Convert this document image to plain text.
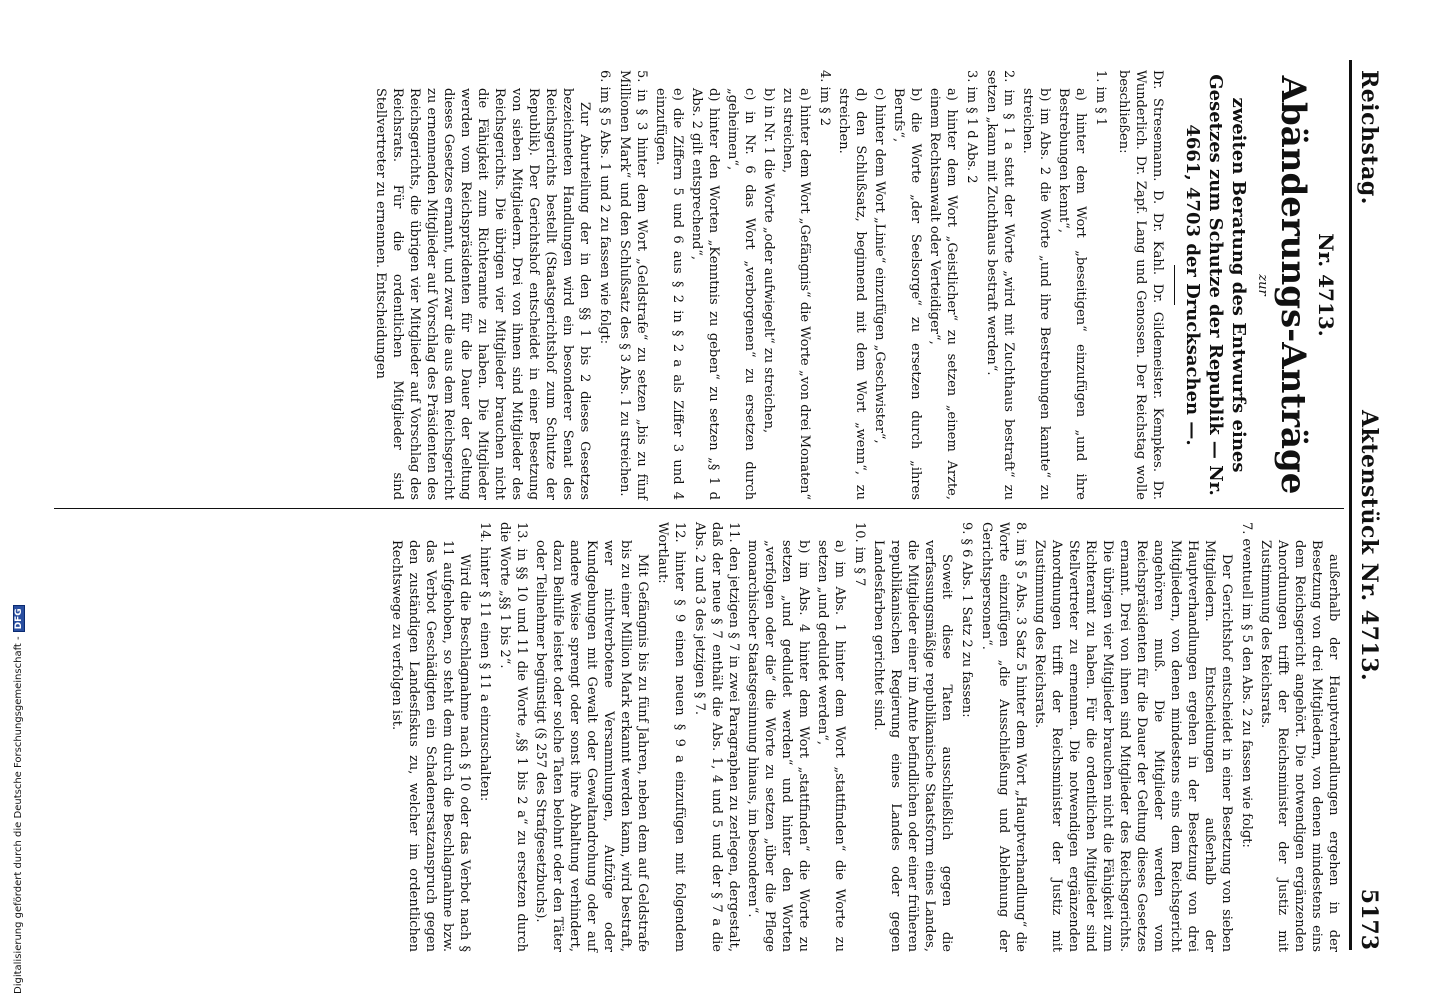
Reichstag.
Aktenstück Nr. 4713.
5173
Nr. 4713.
Abänderungs-Anträge
zur
zweiten Beratung des Entwurfs eines Gesetzes zum Schutze der Republik — Nr. 4661, 4703 der Drucksachen —.

Dr. Stresemann. D. Dr. Kahl. Dr. Gildemeister. Kempkes. Dr. Wunderlich. Dr. Zapf. Lang und Genossen. Der Reichstag wolle beschließen:

1. im § 1

a) hinter dem Wort „beseitigen“ einzufügen „und ihre Bestrebungen kennt“,

b) im Abs. 2 die Worte „und ihre Bestrebungen kannte“ zu streichen.

2. im § 1 a statt der Worte „wird mit Zuchthaus bestraft“ zu setzen „kann mit Zuchthaus bestraft werden“.

3. im § 1 d Abs. 2

a) hinter dem Wort „Geistlicher“ zu setzen „einem Arzte, einem Rechtsanwalt oder Verteidiger“,

b) die Worte „der Seelsorge“ zu ersetzen durch „ihres Berufs“,

c) hinter dem Wort „Linie“ einzufügen „Geschwister“,

d) den Schlußsatz, beginnend mit dem Wort „wenn“, zu streichen.

4. im § 2

a) hinter dem Wort „Gefängnis“ die Worte „von drei Monaten“ zu streichen,

b) in Nr. 1 die Worte „oder aufwiegelt“ zu streichen,

c) in Nr. 6 das Wort „verborgenen“ zu ersetzen durch „geheimen“,

d) hinter den Worten „Kenntnis zu geben“ zu setzen „§ 1 d Abs. 2 gilt entsprechend“,

e) die Ziffern 5 und 6 aus § 2 in § 2 a als Ziffer 3 und 4 einzufügen.

5. in § 3 hinter dem Wort „Geldstrafe“ zu setzen „bis zu fünf Millionen Mark“ und den Schlußsatz des § 3 Abs. 1 zu streichen.

6. im § 5 Abs. 1 und 2 zu fassen wie folgt:

Zur Aburteilung der in den §§ 1 bis 2 dieses Gesetzes bezeichneten Handlungen wird ein besonderer Senat des Reichsgerichts bestellt (Staatsgerichtshof zum Schutze der Republik). Der Gerichtshof entscheidet in einer Besetzung von sieben Mitgliedern. Drei von ihnen sind Mitglieder des Reichsgerichts. Die übrigen vier Mitglieder brauchen nicht die Fähigkeit zum Richteramte zu haben. Die Mitglieder werden vom Reichspräsidenten für die Dauer der Geltung dieses Gesetzes ernannt, und zwar die aus dem Reichsgericht zu ernennenden Mitglieder auf Vorschlag des Präsidenten des Reichsgerichts, die übrigen vier Mitglieder auf Vorschlag des Reichsrats. Für die ordentlichen Mitglieder sind Stellvertreter zu ernennen. Entscheidungen

außerhalb der Hauptverhandlungen ergehen in der Besetzung von drei Mitgliedern, von denen mindestens eins dem Reichsgericht angehört. Die notwendigen ergänzenden Anordnungen trifft der Reichsminister der Justiz mit Zustimmung des Reichsrats.

7. eventuell im § 5 den Abs. 2 zu fassen wie folgt:

Der Gerichtshof entscheidet in einer Besetzung von sieben Mitgliedern. Entscheidungen außerhalb der Hauptverhandlungen ergehen in der Besetzung von drei Mitgliedern, von denen mindestens eins dem Reichsgericht angehören muß. Die Mitglieder werden vom Reichspräsidenten für die Dauer der Geltung dieses Gesetzes ernannt. Drei von ihnen sind Mitglieder des Reichsgerichts. Die übrigen vier Mitglieder brauchen nicht die Fähigkeit zum Richteramt zu haben. Für die ordentlichen Mitglieder sind Stellvertreter zu ernennen. Die notwendigen ergänzenden Anordnungen trifft der Reichsminister der Justiz mit Zustimmung des Reichsrats.

8. im § 5 Abs. 3 Satz 5 hinter dem Wort „Hauptverhandlung“ die Worte einzufügen „die Ausschließung und Ablehnung der Gerichtspersonen“.

9. § 6 Abs. 1 Satz 2 zu fassen:

Soweit diese Taten ausschließlich gegen die verfassungsmäßige republikanische Staatsform eines Landes, die Mitglieder einer im Amte befindlichen oder einer früheren republikanischen Regierung eines Landes oder gegen Landesfarben gerichtet sind.

10. im § 7

a) im Abs. 1 hinter dem Wort „stattfinden“ die Worte zu setzen „und geduldet werden“,

b) im Abs. 4 hinter dem Wort „stattfinden“ die Worte zu setzen „und geduldet werden“ und hinter den Worten „verfolgen oder die“ die Worte zu setzen „über die Pflege monarchischer Staatsgesinnung hinaus, im besonderen“.

11. den jetzigen § 7 in zwei Paragraphen zu zerlegen, dergestalt, daß der neue § 7 enthält die Abs. 1, 4 und 5 und der § 7 a die Abs. 2 und 3 des jetzigen § 7.

12. hinter § 9 einen neuen § 9 a einzufügen mit folgendem Wortlaut:

Mit Gefängnis bis zu fünf Jahren, neben dem auf Geldstrafe bis zu einer Million Mark erkannt werden kann, wird bestraft, wer nichtverbotene Versammlungen, Aufzüge oder Kundgebungen mit Gewalt oder Gewaltandrohung oder auf andere Weise sprengt oder sonst ihre Abhaltung verhindert, dazu Beihilfe leistet oder solche Taten belohnt oder den Täter oder Teilnehmer begünstigt (§ 257 des Strafgesetzbuchs).

13. in §§ 10 und 11 die Worte „§§ 1 bis 2 a“ zu ersetzen durch die Worte „§§ 1 bis 2“.

14. hinter § 11 einen § 11 a einzuschalten:

Wird die Beschlagnahme nach § 10 oder das Verbot nach § 11 aufgehoben, so steht dem durch die Beschlagnahme bzw. das Verbot Geschädigten ein Schadenersatzanspruch gegen den zuständigen Landesfiskus zu, welcher im ordentlichen Rechtswege zu verfolgen ist.

Digitalisierung gefördert durch die Deutsche Forschungsgemeinschaft -DFG
